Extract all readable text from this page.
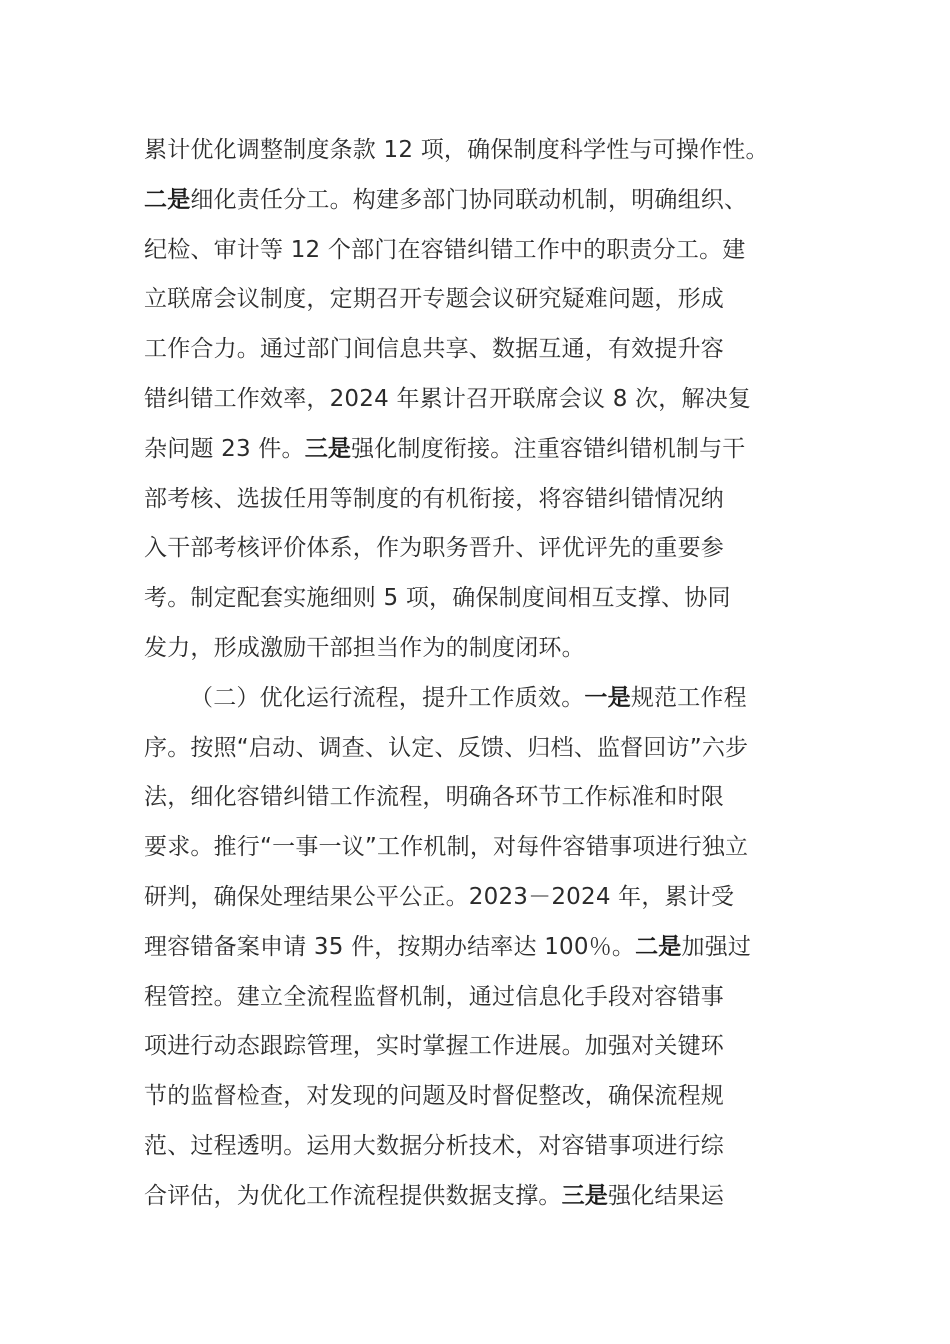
累计优化调整制度条款 12 项，确保制度科学性与可操作性。
二是细化责任分工。构建多部门协同联动机制，明确组织、
纪检、审计等 12 个部门在容错纠错工作中的职责分工。建
立联席会议制度，定期召开专题会议研究疑难问题，形成
工作合力。通过部门间信息共享、数据互通，有效提升容
错纠错工作效率，2024 年累计召开联席会议 8 次，解决复
杂问题 23 件。三是强化制度衔接。注重容错纠错机制与干
部考核、选拔任用等制度的有机衔接，将容错纠错情况纳
入干部考核评价体系，作为职务晋升、评优评先的重要参
考。制定配套实施细则 5 项，确保制度间相互支撑、协同
发力，形成激励干部担当作为的制度闭环。
（二）优化运行流程，提升工作质效。一是规范工作程
序。按照“启动、调查、认定、反馈、归档、监督回访”六步
法，细化容错纠错工作流程，明确各环节工作标准和时限
要求。推行“一事一议”工作机制，对每件容错事项进行独立
研判，确保处理结果公平公正。2023－2024 年，累计受
理容错备案申请 35 件，按期办结率达 100％。二是加强过
程管控。建立全流程监督机制，通过信息化手段对容错事
项进行动态跟踪管理，实时掌握工作进展。加强对关键环
节的监督检查，对发现的问题及时督促整改，确保流程规
范、过程透明。运用大数据分析技术，对容错事项进行综
合评估，为优化工作流程提供数据支撑。三是强化结果运
